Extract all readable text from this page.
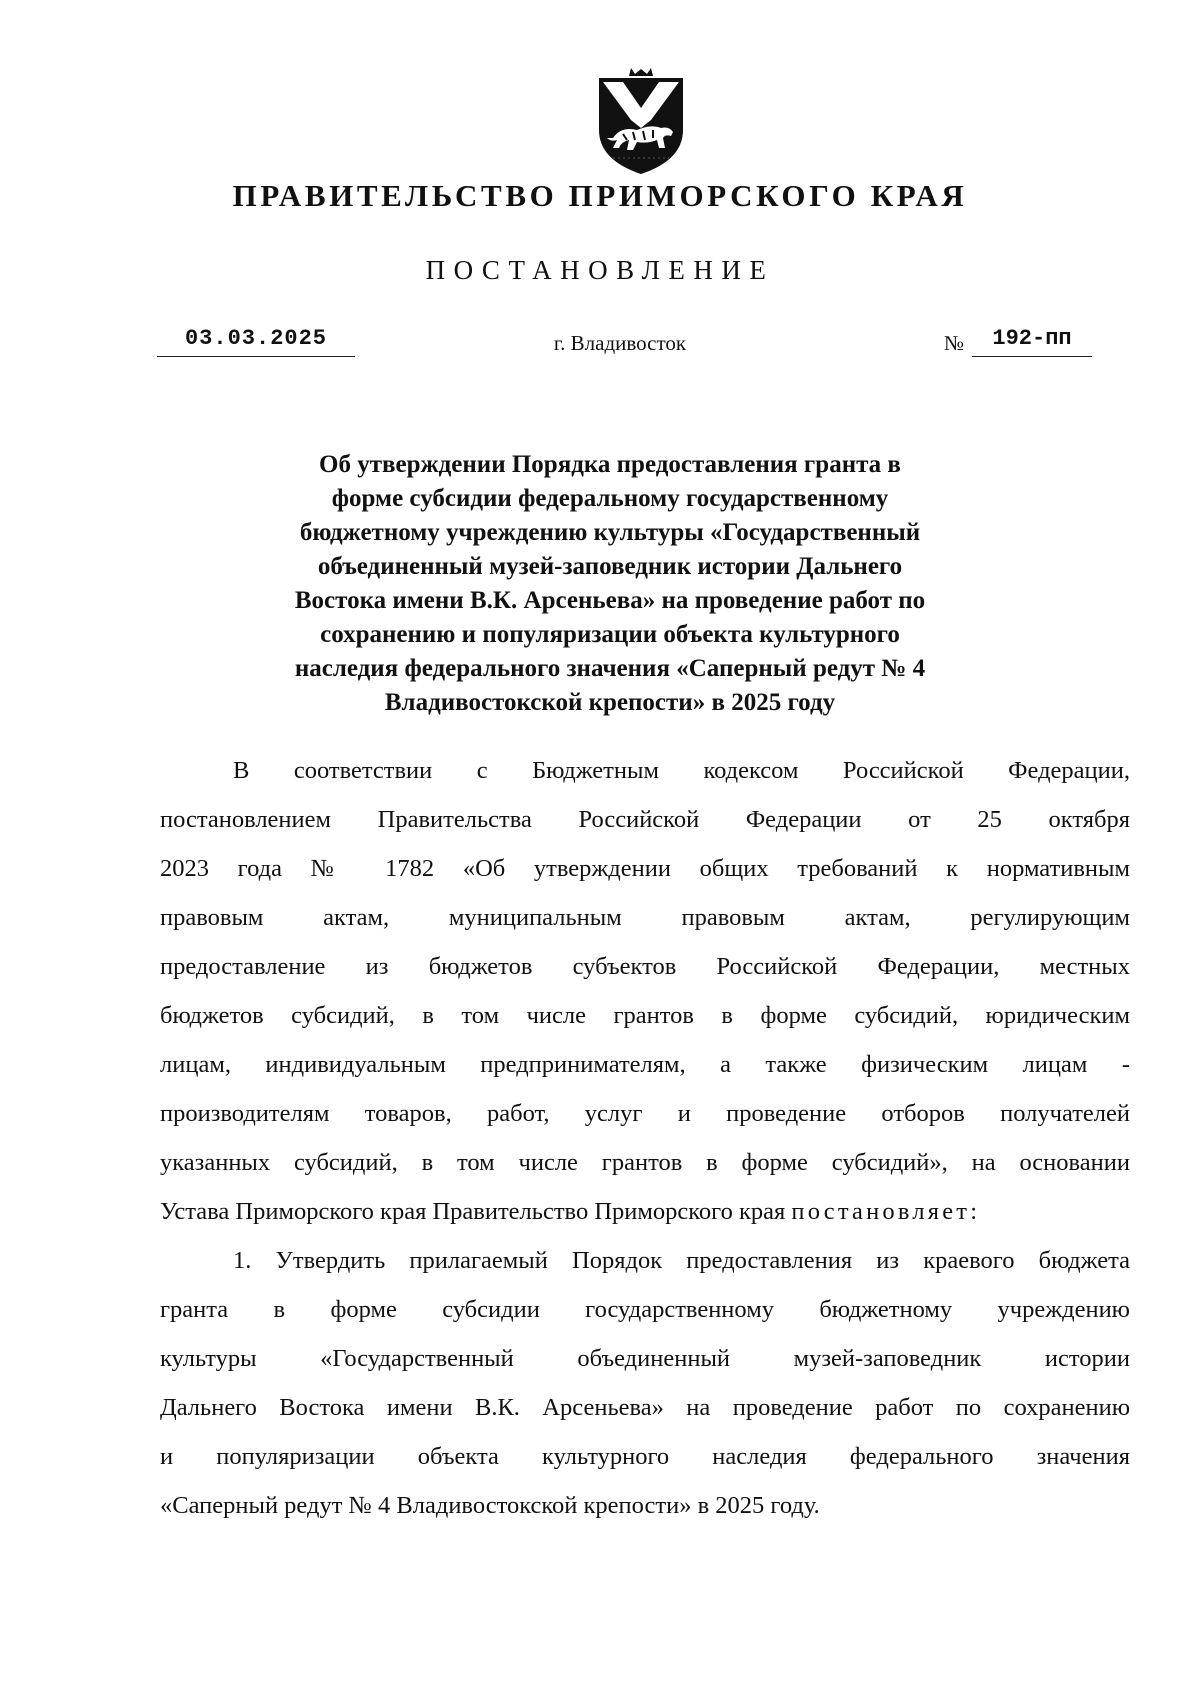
ПРАВИТЕЛЬСТВО ПРИМОРСКОГО КРАЯ
ПОСТАНОВЛЕНИЕ
03.03.2025	г. Владивосток	№	192-пп
Об утверждении Порядка предоставления гранта в
форме субсидии федеральному государственному
бюджетному учреждению культуры «Государственный
объединенный музей-заповедник истории Дальнего
Востока имени В.К. Арсеньева» на проведение работ по
сохранению и популяризации объекта культурного
наследия федерального значения «Саперный редут № 4
Владивостокской крепости» в 2025 году
В соответствии с Бюджетным кодексом Российской Федерации,
постановлением Правительства Российской Федерации от 25 октября
2023 года № 1782 «Об утверждении общих требований к нормативным
правовым актам, муниципальным правовым актам, регулирующим
предоставление из бюджетов субъектов Российской Федерации, местных
бюджетов субсидий, в том числе грантов в форме субсидий, юридическим
лицам, индивидуальным предпринимателям, а также физическим лицам -
производителям товаров, работ, услуг и проведение отборов получателей
указанных субсидий, в том числе грантов в форме субсидий», на основании
Устава Приморского края Правительство Приморского края постановляет:
1. Утвердить прилагаемый Порядок предоставления из краевого бюджета
гранта в форме субсидии государственному бюджетному учреждению
культуры «Государственный объединенный музей-заповедник истории
Дальнего Востока имени В.К. Арсеньева» на проведение работ по сохранению
и популяризации объекта культурного наследия федерального значения
«Саперный редут № 4 Владивостокской крепости» в 2025 году.
